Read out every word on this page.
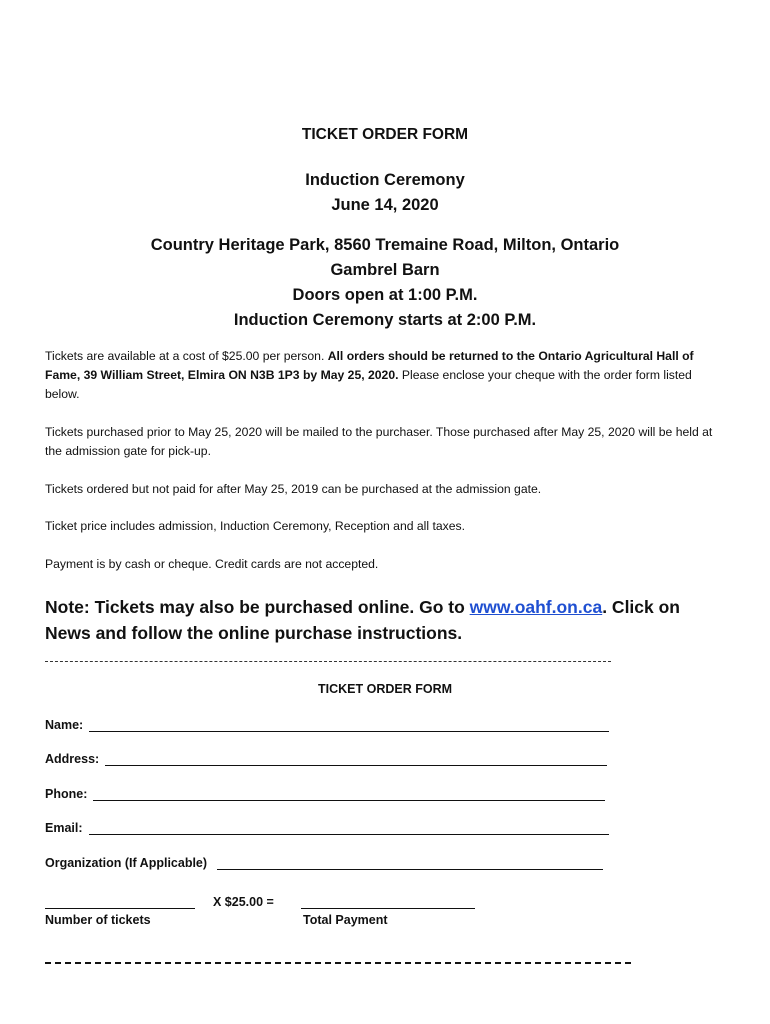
TICKET ORDER FORM
Induction Ceremony
June 14, 2020
Country Heritage Park, 8560 Tremaine Road, Milton, Ontario
Gambrel Barn
Doors open at 1:00 P.M.
Induction Ceremony starts at 2:00 P.M.
Tickets are available at a cost of $25.00 per person. All orders should be returned to the Ontario Agricultural Hall of Fame, 39 William Street, Elmira ON N3B 1P3 by May 25, 2020. Please enclose your cheque with the order form listed below.
Tickets purchased prior to May 25, 2020 will be mailed to the purchaser. Those purchased after May 25, 2020 will be held at the admission gate for pick-up.
Tickets ordered but not paid for after May 25, 2019 can be purchased at the admission gate.
Ticket price includes admission, Induction Ceremony, Reception and all taxes.
Payment is by cash or cheque. Credit cards are not accepted.
Note: Tickets may also be purchased online. Go to www.oahf.on.ca. Click on News and follow the online purchase instructions.
TICKET ORDER FORM
Name:
Address:
Phone:
Email:
Organization (If Applicable)
X $25.00 =
Number of tickets	Total Payment
